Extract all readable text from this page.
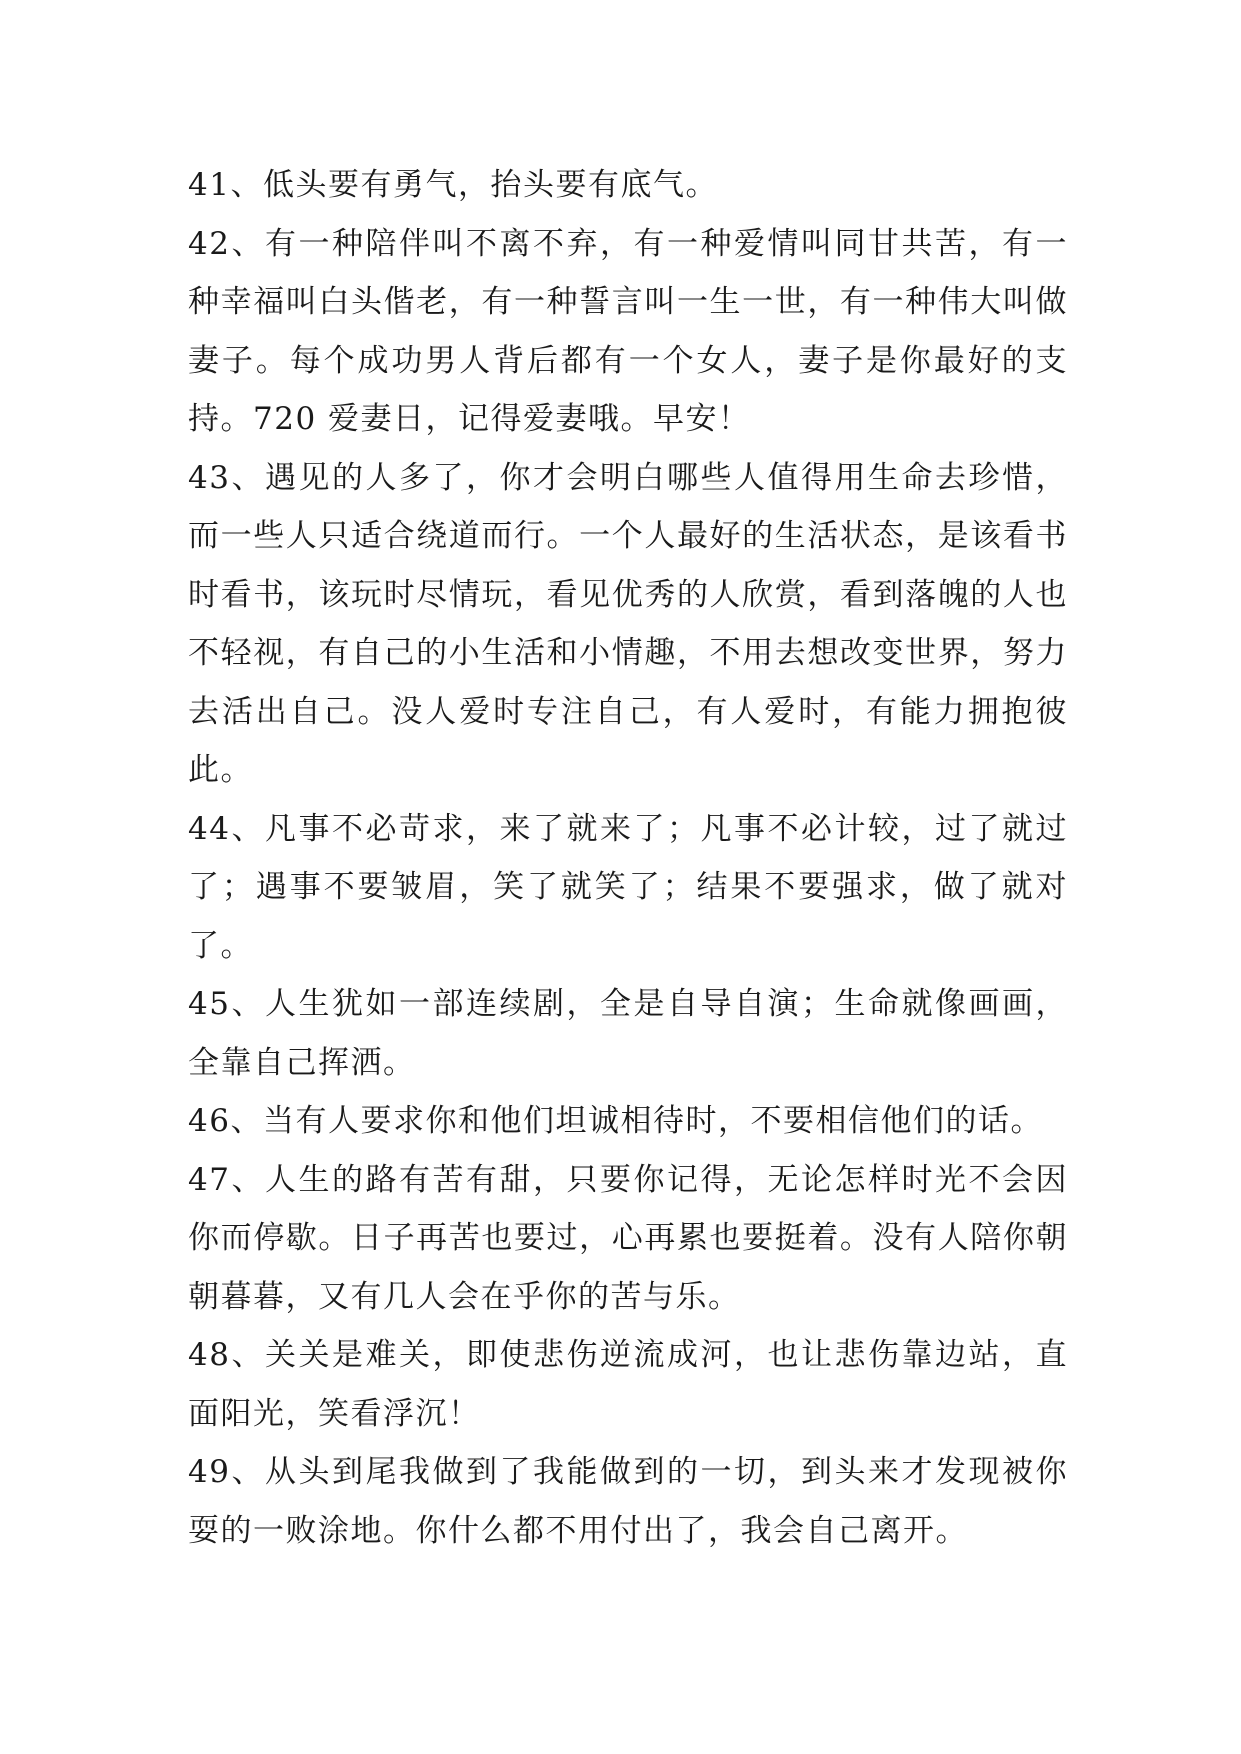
41、低头要有勇气，抬头要有底气。

42、有一种陪伴叫不离不弃，有一种爱情叫同甘共苦，有一种幸福叫白头偕老，有一种誓言叫一生一世，有一种伟大叫做妻子。每个成功男人背后都有一个女人，妻子是你最好的支持。720 爱妻日，记得爱妻哦。早安！

43、遇见的人多了，你才会明白哪些人值得用生命去珍惜，而一些人只适合绕道而行。一个人最好的生活状态，是该看书时看书，该玩时尽情玩，看见优秀的人欣赏，看到落魄的人也不轻视，有自己的小生活和小情趣，不用去想改变世界，努力去活出自己。没人爱时专注自己，有人爱时，有能力拥抱彼此。

44、凡事不必苛求，来了就来了；凡事不必计较，过了就过了；遇事不要皱眉，笑了就笑了；结果不要强求，做了就对了。

45、人生犹如一部连续剧，全是自导自演；生命就像画画，全靠自己挥洒。

46、当有人要求你和他们坦诚相待时，不要相信他们的话。

47、人生的路有苦有甜，只要你记得，无论怎样时光不会因你而停歇。日子再苦也要过，心再累也要挺着。没有人陪你朝朝暮暮，又有几人会在乎你的苦与乐。

48、关关是难关，即使悲伤逆流成河，也让悲伤靠边站，直面阳光，笑看浮沉！

49、从头到尾我做到了我能做到的一切，到头来才发现被你耍的一败涂地。你什么都不用付出了，我会自己离开。
